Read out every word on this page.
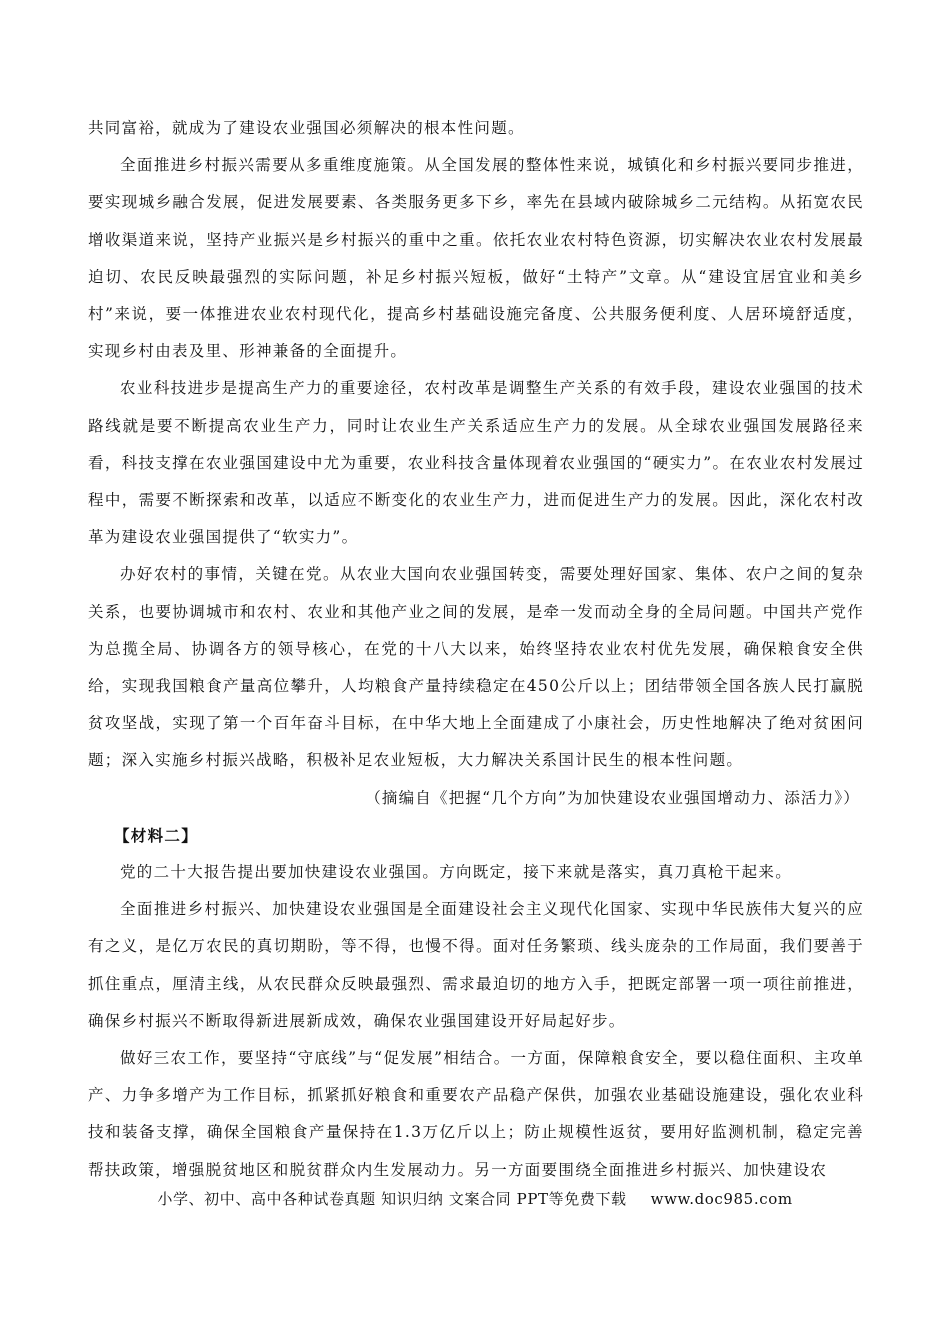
共同富裕，就成为了建设农业强国必须解决的根本性问题。

全面推进乡村振兴需要从多重维度施策。从全国发展的整体性来说，城镇化和乡村振兴要同步推进，要实现城乡融合发展，促进发展要素、各类服务更多下乡，率先在县域内破除城乡二元结构。从拓宽农民增收渠道来说，坚持产业振兴是乡村振兴的重中之重。依托农业农村特色资源，切实解决农业农村发展最迫切、农民反映最强烈的实际问题，补足乡村振兴短板，做好“土特产”文章。从“建设宜居宜业和美乡村”来说，要一体推进农业农村现代化，提高乡村基础设施完备度、公共服务便利度、人居环境舒适度，实现乡村由表及里、形神兼备的全面提升。

农业科技进步是提高生产力的重要途径，农村改革是调整生产关系的有效手段，建设农业强国的技术路线就是要不断提高农业生产力，同时让农业生产关系适应生产力的发展。从全球农业强国发展路径来看，科技支撑在农业强国建设中尤为重要，农业科技含量体现着农业强国的“硬实力”。在农业农村发展过程中，需要不断探索和改革，以适应不断变化的农业生产力，进而促进生产力的发展。因此，深化农村改革为建设农业强国提供了“软实力”。

办好农村的事情，关键在党。从农业大国向农业强国转变，需要处理好国家、集体、农户之间的复杂关系，也要协调城市和农村、农业和其他产业之间的发展，是牵一发而动全身的全局问题。中国共产党作为总揽全局、协调各方的领导核心，在党的十八大以来，始终坚持农业农村优先发展，确保粮食安全供给，实现我国粮食产量高位攀升，人均粮食产量持续稳定在450公斤以上；团结带领全国各族人民打赢脱贫攻坚战，实现了第一个百年奋斗目标，在中华大地上全面建成了小康社会，历史性地解决了绝对贫困问题；深入实施乡村振兴战略，积极补足农业短板，大力解决关系国计民生的根本性问题。

（摘编自《把握“几个方向”为加快建设农业强国增动力、添活力》）

【材料二】

党的二十大报告提出要加快建设农业强国。方向既定，接下来就是落实，真刀真枪干起来。

全面推进乡村振兴、加快建设农业强国是全面建设社会主义现代化国家、实现中华民族伟大复兴的应有之义，是亿万农民的真切期盼，等不得，也慢不得。面对任务繁琐、线头庞杂的工作局面，我们要善于抓住重点，厘清主线，从农民群众反映最强烈、需求最迫切的地方入手，把既定部署一项一项往前推进，确保乡村振兴不断取得新进展新成效，确保农业强国建设开好局起好步。

做好三农工作，要坚持“守底线”与“促发展”相结合。一方面，保障粮食安全，要以稳住面积、主攻单产、力争多增产为工作目标，抓紧抓好粮食和重要农产品稳产保供，加强农业基础设施建设，强化农业科技和装备支撑，确保全国粮食产量保持在1.3万亿斤以上；防止规模性返贫，要用好监测机制，稳定完善帮扶政策，增强脱贫地区和脱贫群众内生发展动力。另一方面要围绕全面推进乡村振兴、加快建设农

小学、初中、高中各种试卷真题 知识归纳 文案合同 PPT等免费下载 www.doc985.com
